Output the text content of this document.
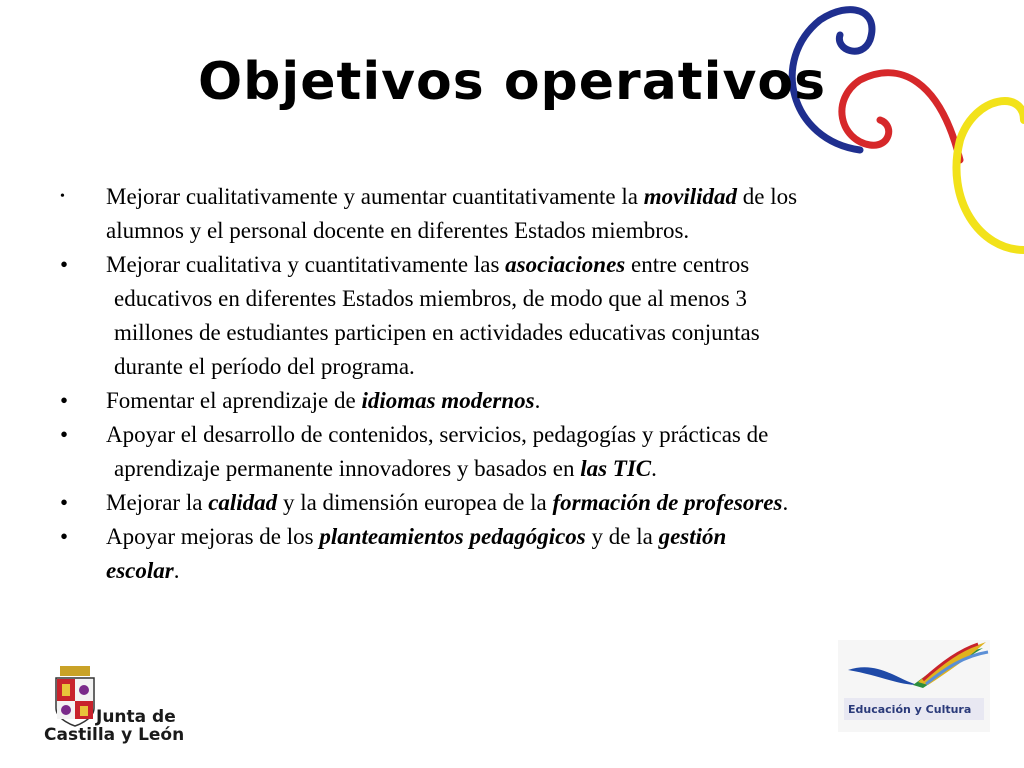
Objetivos operativos
• Mejorar cualitativamente y aumentar cuantitativamente la movilidad de los
alumnos y el personal docente en diferentes Estados miembros.
• Mejorar cualitativa y cuantitativamente las asociaciones entre centros
educativos en diferentes Estados miembros, de modo que al menos 3
millones de estudiantes participen en actividades educativas conjuntas
durante el período del programa.
• Fomentar el aprendizaje de idiomas modernos.
• Apoyar el desarrollo de contenidos, servicios, pedagogías y prácticas de
aprendizaje permanente innovadores y basados en las TIC.
• Mejorar la calidad y la dimensión europea de la formación de profesores.
• Apoyar mejoras de los planteamientos pedagógicos y de la gestión
escolar.
Junta de
Castilla y León
Educación y Cultura
